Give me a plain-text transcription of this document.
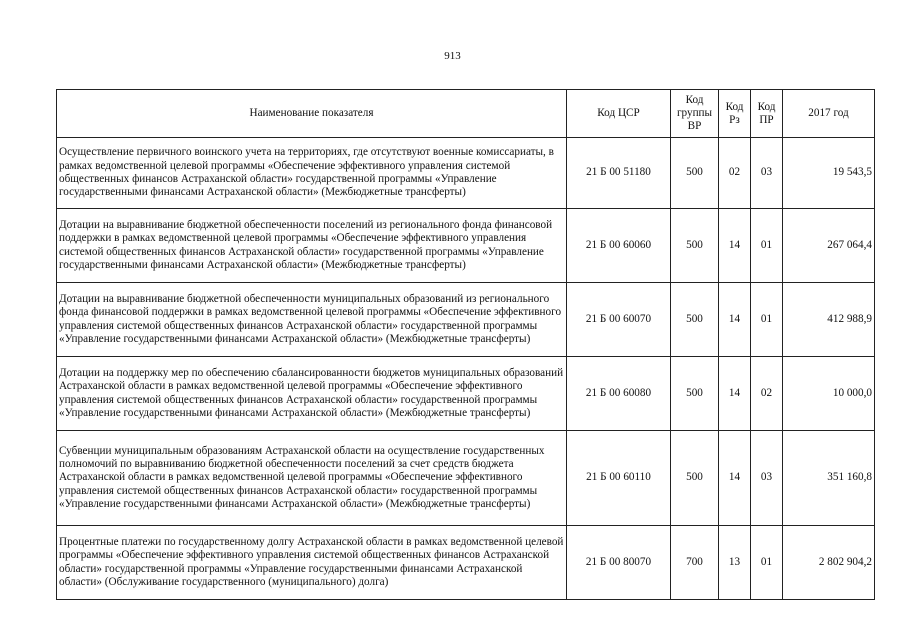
913
Наименование показателя	Код ЦСР	Код группы ВР	Код Рз	Код ПР	2017 год
Осуществление первичного воинского учета на территориях, где отсутствуют военные комиссариаты, в рамках ведомственной целевой программы «Обеспечение эффективного управления системой общественных финансов Астраханской области» государственной программы «Управление государственными финансами Астраханской области» (Межбюджетные трансферты)	21 Б 00 51180	500	02	03	19 543,5
Дотации на выравнивание бюджетной обеспеченности поселений из регионального фонда финансовой поддержки в рамках ведомственной целевой программы «Обеспечение эффективного управления системой общественных финансов Астраханской области» государственной программы «Управление государственными финансами Астраханской области» (Межбюджетные трансферты)	21 Б 00 60060	500	14	01	267 064,4
Дотации на выравнивание бюджетной обеспеченности муниципальных образований из регионального фонда финансовой поддержки в рамках ведомственной целевой программы «Обеспечение эффективного управления системой общественных финансов Астраханской области» государственной программы «Управление государственными финансами Астраханской области» (Межбюджетные трансферты)	21 Б 00 60070	500	14	01	412 988,9
Дотации на поддержку мер по обеспечению сбалансированности бюджетов муниципальных образований Астраханской области в рамках ведомственной целевой программы «Обеспечение эффективного управления системой общественных финансов Астраханской области» государственной программы «Управление государственными финансами Астраханской области» (Межбюджетные трансферты)	21 Б 00 60080	500	14	02	10 000,0
Субвенции муниципальным образованиям Астраханской области на осуществление государственных полномочий по выравниванию бюджетной обеспеченности поселений за счет средств бюджета Астраханской области в рамках ведомственной целевой программы «Обеспечение эффективного управления системой общественных финансов Астраханской области» государственной программы «Управление государственными финансами Астраханской области» (Межбюджетные трансферты)	21 Б 00 60110	500	14	03	351 160,8
Процентные платежи по государственному долгу Астраханской области в рамках ведомственной целевой программы «Обеспечение эффективного управления системой общественных финансов Астраханской области» государственной программы «Управление государственными финансами Астраханской области» (Обслуживание государственного (муниципального) долга)	21 Б 00 80070	700	13	01	2 802 904,2
